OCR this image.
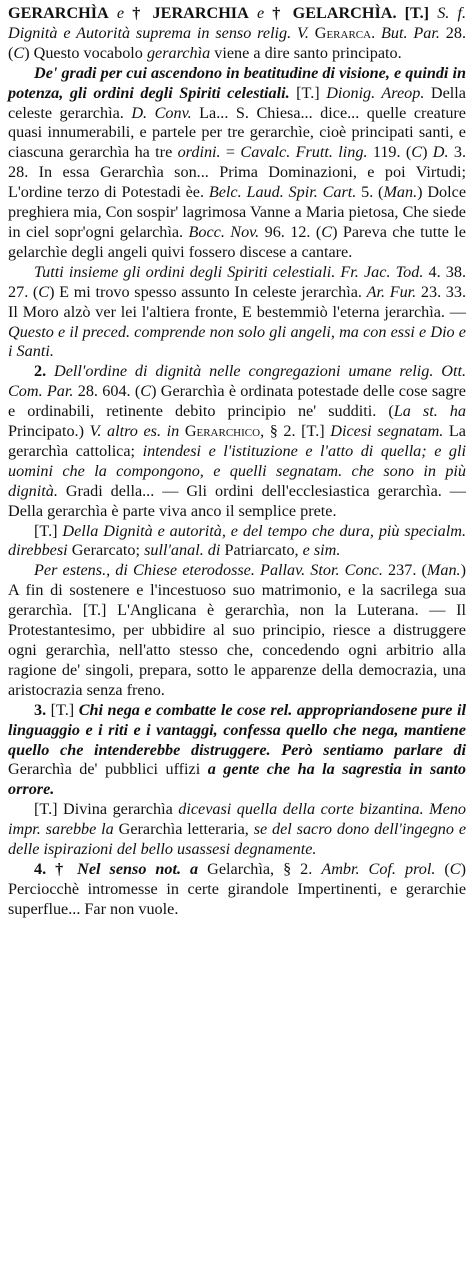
GERARCHÌA e † JERARCHIA e † GELARCHÌA. [T.] S. f. Dignità e Autorità suprema in senso relig. V. Gerarca. But. Par. 28. (C) Questo vocabolo gerarchìa viene a dire santo principato.

De' gradi per cui ascendono in beatitudine di visione, e quindi in potenza, gli ordini degli Spiriti celestiali. [T.] Dionig. Areop. Della celeste gerarchìa. D. Conv. La... S. Chiesa... dice... quelle creature quasi innumerabili, e partele per tre gerarchìe, cioè principati santi, e ciascuna gerarchìa ha tre ordini. = Cavalc. Frutt. ling. 119. (C) D. 3. 28. In essa Gerarchìa son... Prima Dominazioni, e poi Virtudi; L'ordine terzo di Potestadi èe. Belc. Laud. Spir. Cart. 5. (Man.) Dolce preghiera mia, Con sospir' lagrimosa Vanne a Maria pietosa, Che siede in ciel sopr'ogni gelarchìa. Bocc. Nov. 96. 12. (C) Pareva che tutte le gelarchìe degli angeli quivi fossero discese a cantare.

Tutti insieme gli ordini degli Spiriti celestiali. Fr. Jac. Tod. 4. 38. 27. (C) E mi trovo spesso assunto In celeste jerarchìa. Ar. Fur. 23. 33. Il Moro alzò ver lei l'altiera fronte, E bestemmiò l'eterna jerarchìa. — Questo e il preced. comprende non solo gli angeli, ma con essi e Dio e i Santi.

2. Dell'ordine di dignità nelle congregazioni umane relig. Ott. Com. Par. 28. 604. (C) Gerarchìa è ordinata potestade delle cose sagre e ordinabili, retinente debito principio ne' sudditi. (La st. ha Principato.) V. altro es. in Gerarchico, § 2. [T.] Dicesi segnatam. La gerarchìa cattolica; intendesi e l'istituzione e l'atto di quella; e gli uomini che la compongono, e quelli segnatam. che sono in più dignità. Gradi della... — Gli ordini dell'ecclesiastica gerarchìa. — Della gerarchìa è parte viva anco il semplice prete.

[T.] Della Dignità e autorità, e del tempo che dura, più specialm. direbbesi Gerarcato; sull'anal. di Patriarcato, e sim.

Per estens., di Chiese eterodosse. Pallav. Stor. Conc. 237. (Man.) A fin di sostenere e l'incestuoso suo matrimonio, e la sacrilega sua gerarchìa. [T.] L'Anglicana è gerarchìa, non la Luterana. — Il Protestantesimo, per ubbidire al suo principio, riesce a distruggere ogni gerarchìa, nell'atto stesso che, concedendo ogni arbitrio alla ragione de' singoli, prepara, sotto le apparenze della democrazia, una aristocrazia senza freno.

3. [T.] Chi nega e combatte le cose rel. appropriandosene pure il linguaggio e i riti e i vantaggi, confessa quello che nega, mantiene quello che intenderebbe distruggere. Però sentiamo parlare di Gerarchìa de' pubblici uffizi a gente che ha la sagrestia in santo orrore.

[T.] Divina gerarchìa dicevasi quella della corte bizantina. Meno impr. sarebbe la Gerarchìa letteraria, se del sacro dono dell'ingegno e delle ispirazioni del bello usassesi degnamente.

4. † Nel senso not. a Gelarchìa, § 2. Ambr. Cof. prol. (C) Perciocchè intromesse in certe girandole Impertinenti, e gerarchie superflue... Far non vuole.
